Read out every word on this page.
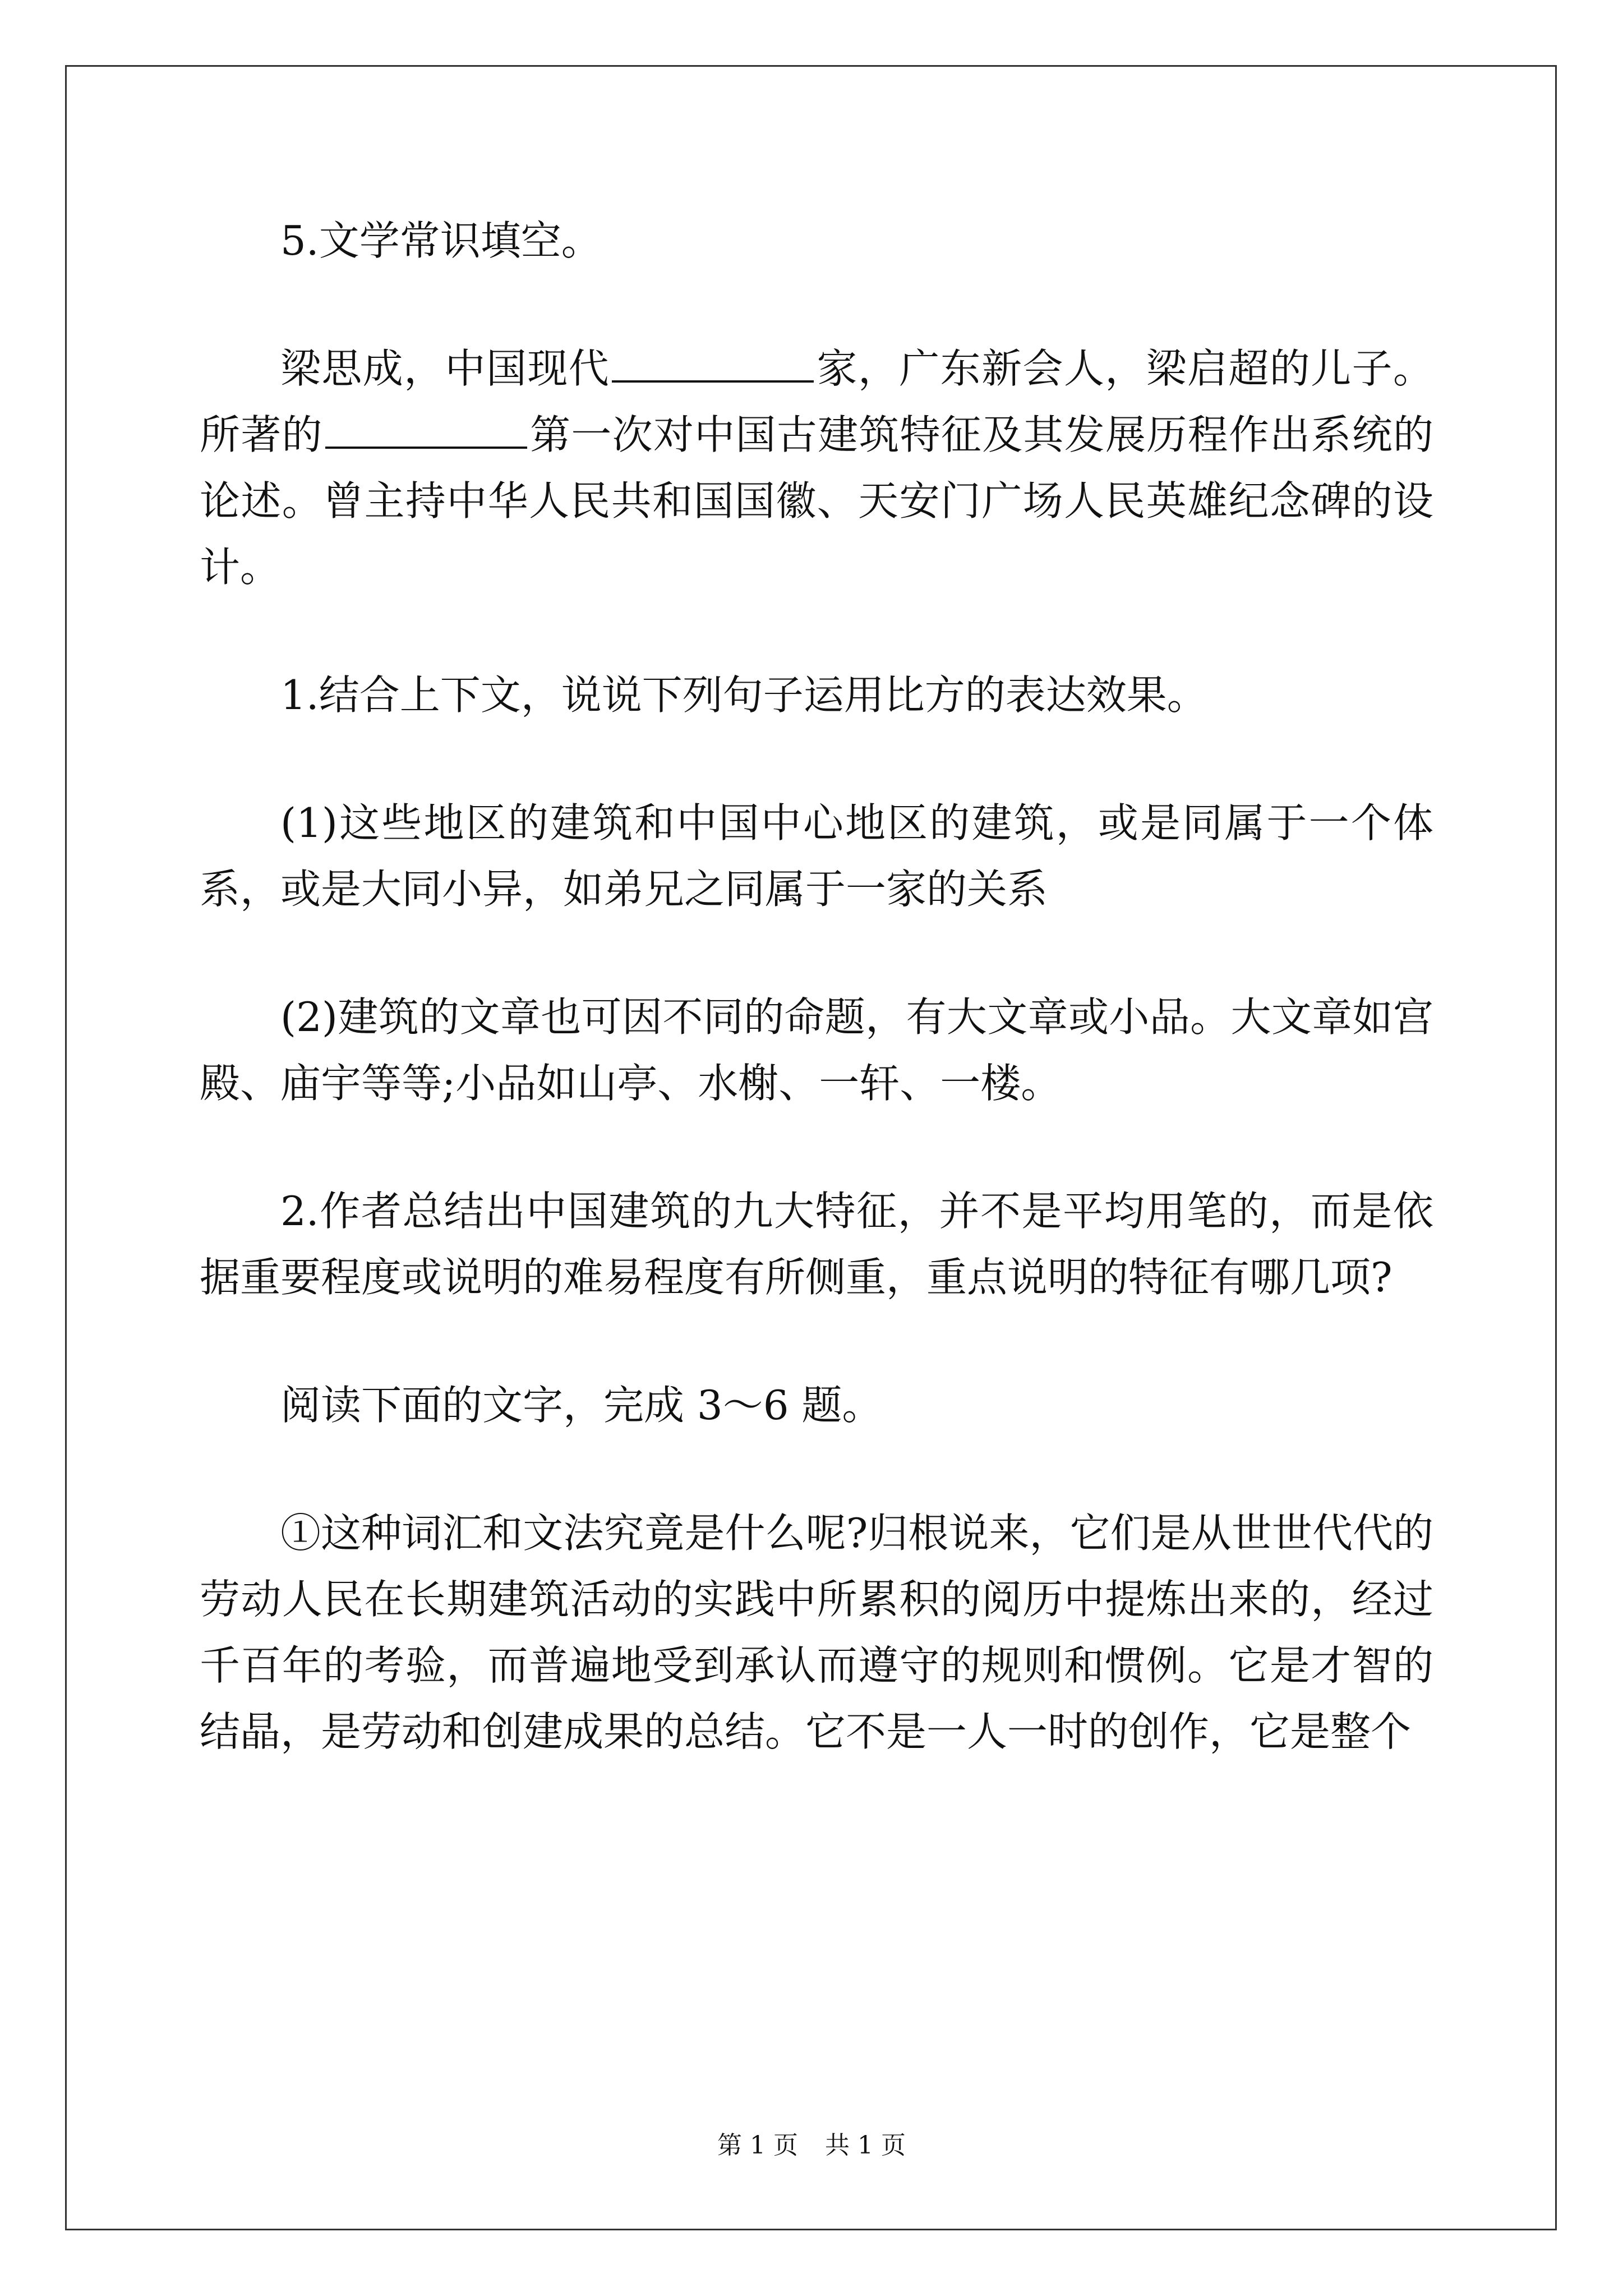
5.文学常识填空。

梁思成，中国现代	家，广东新会人，梁启超的儿子。所著的	第一次对中国古建筑特征及其发展历程作出系统的论述。曾主持中华人民共和国国徽、天安门广场人民英雄纪念碑的设计。

1.结合上下文，说说下列句子运用比方的表达效果。

(1)这些地区的建筑和中国中心地区的建筑，或是同属于一个体系，或是大同小异，如弟兄之同属于一家的关系

(2)建筑的文章也可因不同的命题，有大文章或小品。大文章如宫殿、庙宇等等;小品如山亭、水榭、一轩、一楼。

2.作者总结出中国建筑的九大特征，并不是平均用笔的，而是依据重要程度或说明的难易程度有所侧重，重点说明的特征有哪几项?

阅读下面的文字，完成 3～6 题。

①这种词汇和文法究竟是什么呢?归根说来，它们是从世世代代的劳动人民在长期建筑活动的实践中所累积的阅历中提炼出来的，经过千百年的考验，而普遍地受到承认而遵守的规则和惯例。它是才智的结晶，是劳动和创建成果的总结。它不是一人一时的创作，它是整个

第 1 页 共 1 页
